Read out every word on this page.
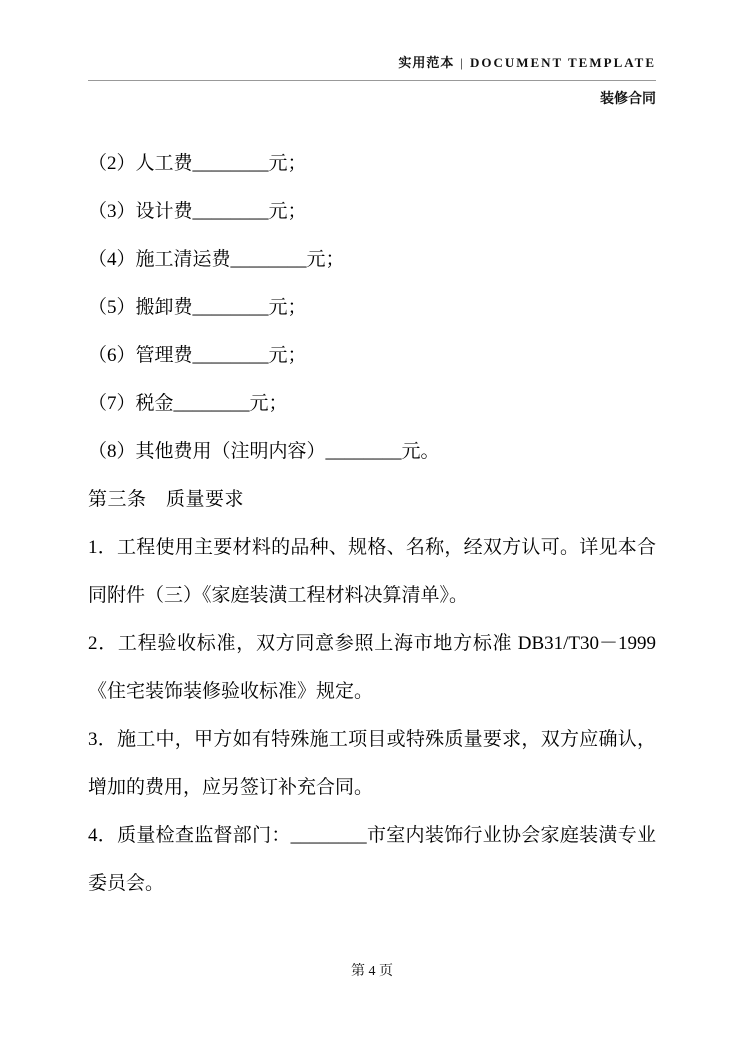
实用范本 | DOCUMENT TEMPLATE
装修合同

（2）人工费________元；

（3）设计费________元；

（4）施工清运费________元；

（5）搬卸费________元；

（6）管理费________元；

（7）税金________元；

（8）其他费用（注明内容）________元。

第三条　质量要求

1．工程使用主要材料的品种、规格、名称，经双方认可。详见本合同附件（三）《家庭装潢工程材料决算清单》。

2．工程验收标准，双方同意参照上海市地方标准 DB31/T30－1999《住宅装饰装修验收标准》规定。

3．施工中，甲方如有特殊施工项目或特殊质量要求，双方应确认，增加的费用，应另签订补充合同。

4．质量检查监督部门：________市室内装饰行业协会家庭装潢专业委员会。

第 4 页
